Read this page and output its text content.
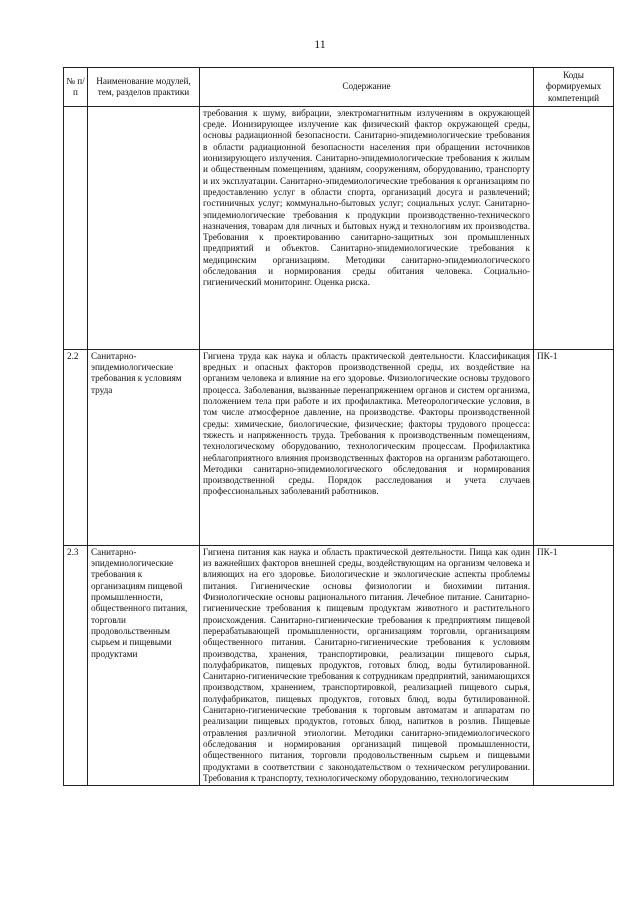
11
№ п/п	Наименование модулей, тем, разделов практики	Содержание	Коды формируемых компетенций
		требования к шуму, вибрации, электромагнитным излучениям в окружающей среде. Ионизирующее излучение как физический фактор окружающей среды, основы радиационной безопасности. Санитарно-эпидемиологические требования в области радиационной безопасности населения при обращении источников ионизирующего излучения. Санитарно-эпидемиологические требования к жилым и общественным помещениям, зданиям, сооружениям, оборудованию, транспорту и их эксплуатации. Санитарно-эпидемиологические требования к организациям по предоставлению услуг в области спорта, организаций досуга и развлечений; гостиничных услуг; коммунально-бытовых услуг; социальных услуг. Санитарно-эпидемиологические требования к продукции производственно-технического назначения, товарам для личных и бытовых нужд и технологиям их производства. Требования к проектированию санитарно-защитных зон промышленных предприятий и объектов. Санитарно-эпидемиологические требования к медицинским организациям. Методики санитарно-эпидемиологического обследования и нормирования среды обитания человека. Социально-гигиенический мониторинг. Оценка риска.	
2.2	Санитарно-эпидемиологические требования к условиям труда	Гигиена труда как наука и область практической деятельности. Классификация вредных и опасных факторов производственной среды, их воздействие на организм человека и влияние на его здоровье. Физиологические основы трудового процесса. Заболевания, вызванные перенапряжением органов и систем организма, положением тела при работе и их профилактика. Метеорологические условия, в том числе атмосферное давление, на производстве. Факторы производственной среды: химические, биологические, физические; факторы трудового процесса: тяжесть и напряженность труда. Требования к производственным помещениям, технологическому оборудованию, технологическим процессам. Профилактика неблагоприятного влияния производственных факторов на организм работающего. Методики санитарно-эпидемиологического обследования и нормирования производственной среды. Порядок расследования и учета случаев профессиональных заболеваний работников.	ПК-1
2.3	Санитарно-эпидемиологические требования к организациям пищевой промышленности, общественного питания, торговли продовольственным сырьем и пищевыми продуктами	Гигиена питания как наука и область практической деятельности. Пища как один из важнейших факторов внешней среды, воздействующим на организм человека и влияющих на его здоровье. Биологические и экологические аспекты проблемы питания. Гигиенические основы физиологии и биохимии питания. Физиологические основы рационального питания. Лечебное питание. Санитарно-гигиенические требования к пищевым продуктам животного и растительного происхождения. Санитарно-гигиенические требования к предприятиям пищевой перерабатывающей промышленности, организациям торговли, организациям общественного питания. Санитарно-гигиенические требования к условиям производства, хранения, транспортировки, реализации пищевого сырья, полуфабрикатов, пищевых продуктов, готовых блюд, воды бутилированной. Санитарно-гигиенические требования к сотрудникам предприятий, занимающихся производством, хранением, транспортировкой, реализацией пищевого сырья, полуфабрикатов, пищевых продуктов, готовых блюд, воды бутилированной. Санитарно-гигиенические требования к торговым автоматам и аппаратам по реализации пищевых продуктов, готовых блюд, напитков в розлив. Пищевые отравления различной этиологии. Методики санитарно-эпидемиологического обследования и нормирования организаций пищевой промышленности, общественного питания, торговли продовольственным сырьем и пищевыми продуктами в соответствии с законодательством о техническом регулировании. Требования к транспорту, технологическому оборудованию, технологическим	ПК-1
